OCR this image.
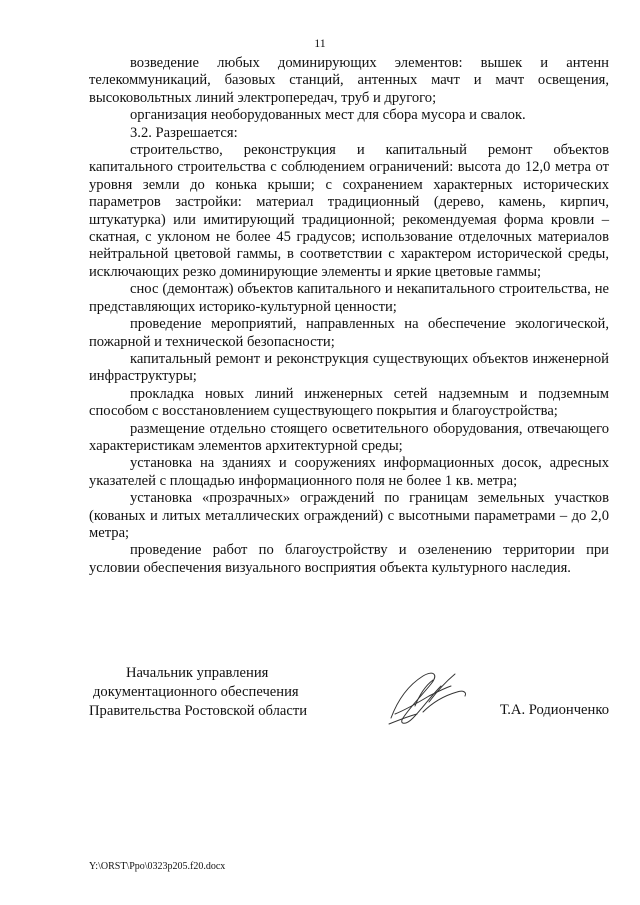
11

возведение любых доминирующих элементов: вышек и антенн телекоммуникаций, базовых станций, антенных мачт и мачт освещения, высоковольтных линий электропередач, труб и другого;

организация необорудованных мест для сбора мусора и свалок.

3.2. Разрешается:

строительство, реконструкция и капитальный ремонт объектов капитального строительства с соблюдением ограничений: высота до 12,0 метра от уровня земли до конька крыши; с сохранением характерных исторических параметров застройки: материал традиционный (дерево, камень, кирпич, штукатурка) или имитирующий традиционной; рекомендуемая форма кровли – скатная, с уклоном не более 45 градусов; использование отделочных материалов нейтральной цветовой гаммы, в соответствии с характером исторической среды, исключающих резко доминирующие элементы и яркие цветовые гаммы;

снос (демонтаж) объектов капитального и некапитального строительства, не представляющих историко-культурной ценности;

проведение мероприятий, направленных на обеспечение экологической, пожарной и технической безопасности;

капитальный ремонт и реконструкция существующих объектов инженерной инфраструктуры;

прокладка новых линий инженерных сетей надземным и подземным способом с восстановлением существующего покрытия и благоустройства;

размещение отдельно стоящего осветительного оборудования, отвечающего характеристикам элементов архитектурной среды;

установка на зданиях и сооружениях информационных досок, адресных указателей с площадью информационного поля не более 1 кв. метра;

установка «прозрачных» ограждений по границам земельных участков (кованых и литых металлических ограждений) с высотными параметрами – до 2,0 метра;

проведение работ по благоустройству и озеленению территории при условии обеспечения визуального восприятия объекта культурного наследия.

Начальник управления
документационного обеспечения
Правительства Ростовской области	Т.А. Родионченко
Y:\ORST\Ppo\0323p205.f20.docx
